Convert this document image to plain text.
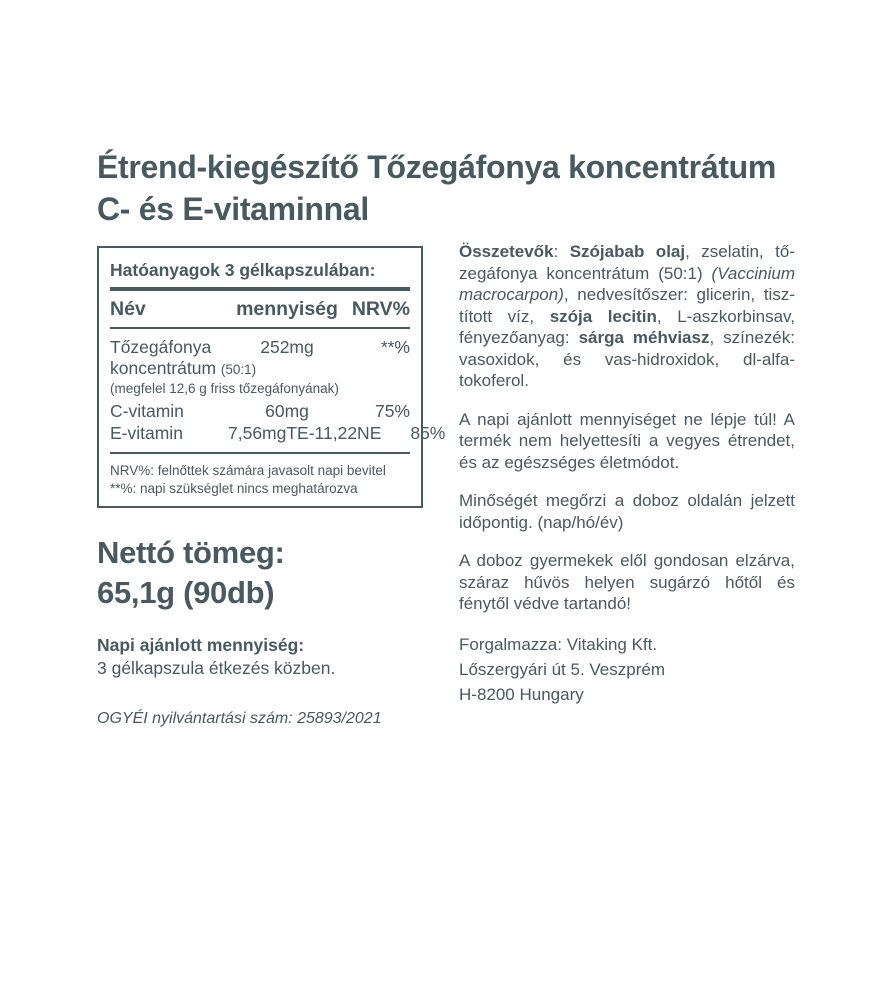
Étrend-kiegészítő Tőzegáfonya koncentrátum C- és E-vitaminnal
Hatóanyagok 3 gélkapszulában:
Név	mennyiség NRV%
Tőzegáfonya	252mg	**%
koncentrátum (50:1)
(megfelel 12,6 g friss tőzegáfonyának)
C-vitamin	60mg	75%
E-vitamin	7,56mgTE-11,22NE 85%
NRV%: felnőttek számára javasolt napi bevitel
**%: napi szükséglet nincs meghatározva
Nettó tömeg:
65,1g (90db)
Napi ajánlott mennyiség:
3 gélkapszula étkezés közben.
OGYÉI nyilvántartási szám: 25893/2021

Összetevők: Szójabab olaj, zselatin, tőzegáfonya koncentrátum (50:1) (Vaccinium macrocarpon), nedvesítőszer: glicerin, tisztított víz, szója lecitin, L-aszkorbinsav, fényezőanyag: sárga méhviasz, színezék: vasoxidok, és vas-hidroxidok, dl-alfa-tokoferol.

A napi ajánlott mennyiséget ne lépje túl! A termék nem helyettesíti a vegyes étrendet, és az egészséges életmódot.

Minőségét megőrzi a doboz oldalán jelzett időpontig. (nap/hó/év)

A doboz gyermekek elől gondosan elzárva, száraz hűvös helyen sugárzó hőtől és fénytől védve tartandó!

Forgalmazza: Vitaking Kft.
Lőszergyári út 5. Veszprém
H-8200 Hungary
